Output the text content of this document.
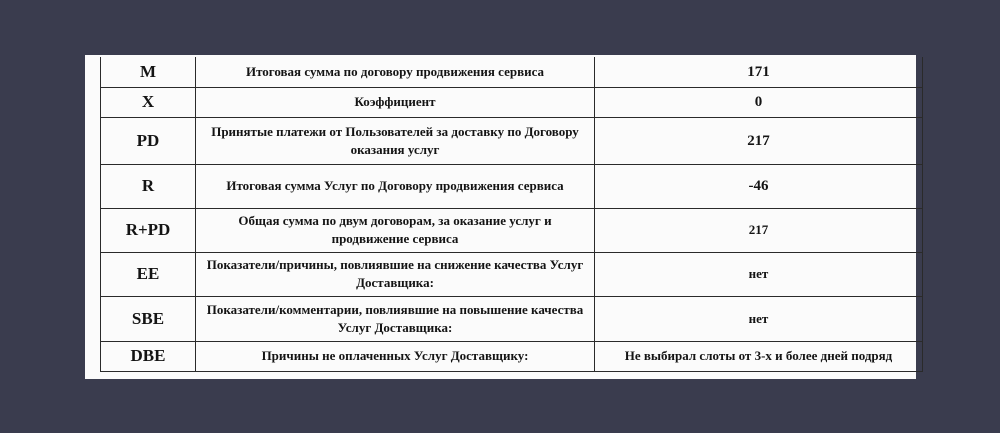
M	Итоговая сумма по договору продвижения сервиса	171
X	Коэффициент	0
PD	Принятые платежи от Пользователей за доставку по Договору оказания услуг	217
R	Итоговая сумма Услуг по Договору продвижения сервиса	-46
R+PD	Общая сумма по двум договорам, за оказание услуг и продвижение сервиса	217
EE	Показатели/причины, повлиявшие на снижение качества Услуг Доставщика:	нет
SBE	Показатели/комментарии, повлиявшие на повышение качества Услуг Доставщика:	нет
DBE	Причины не оплаченных Услуг Доставщику:	Не выбирал слоты от 3-х и более дней подряд
